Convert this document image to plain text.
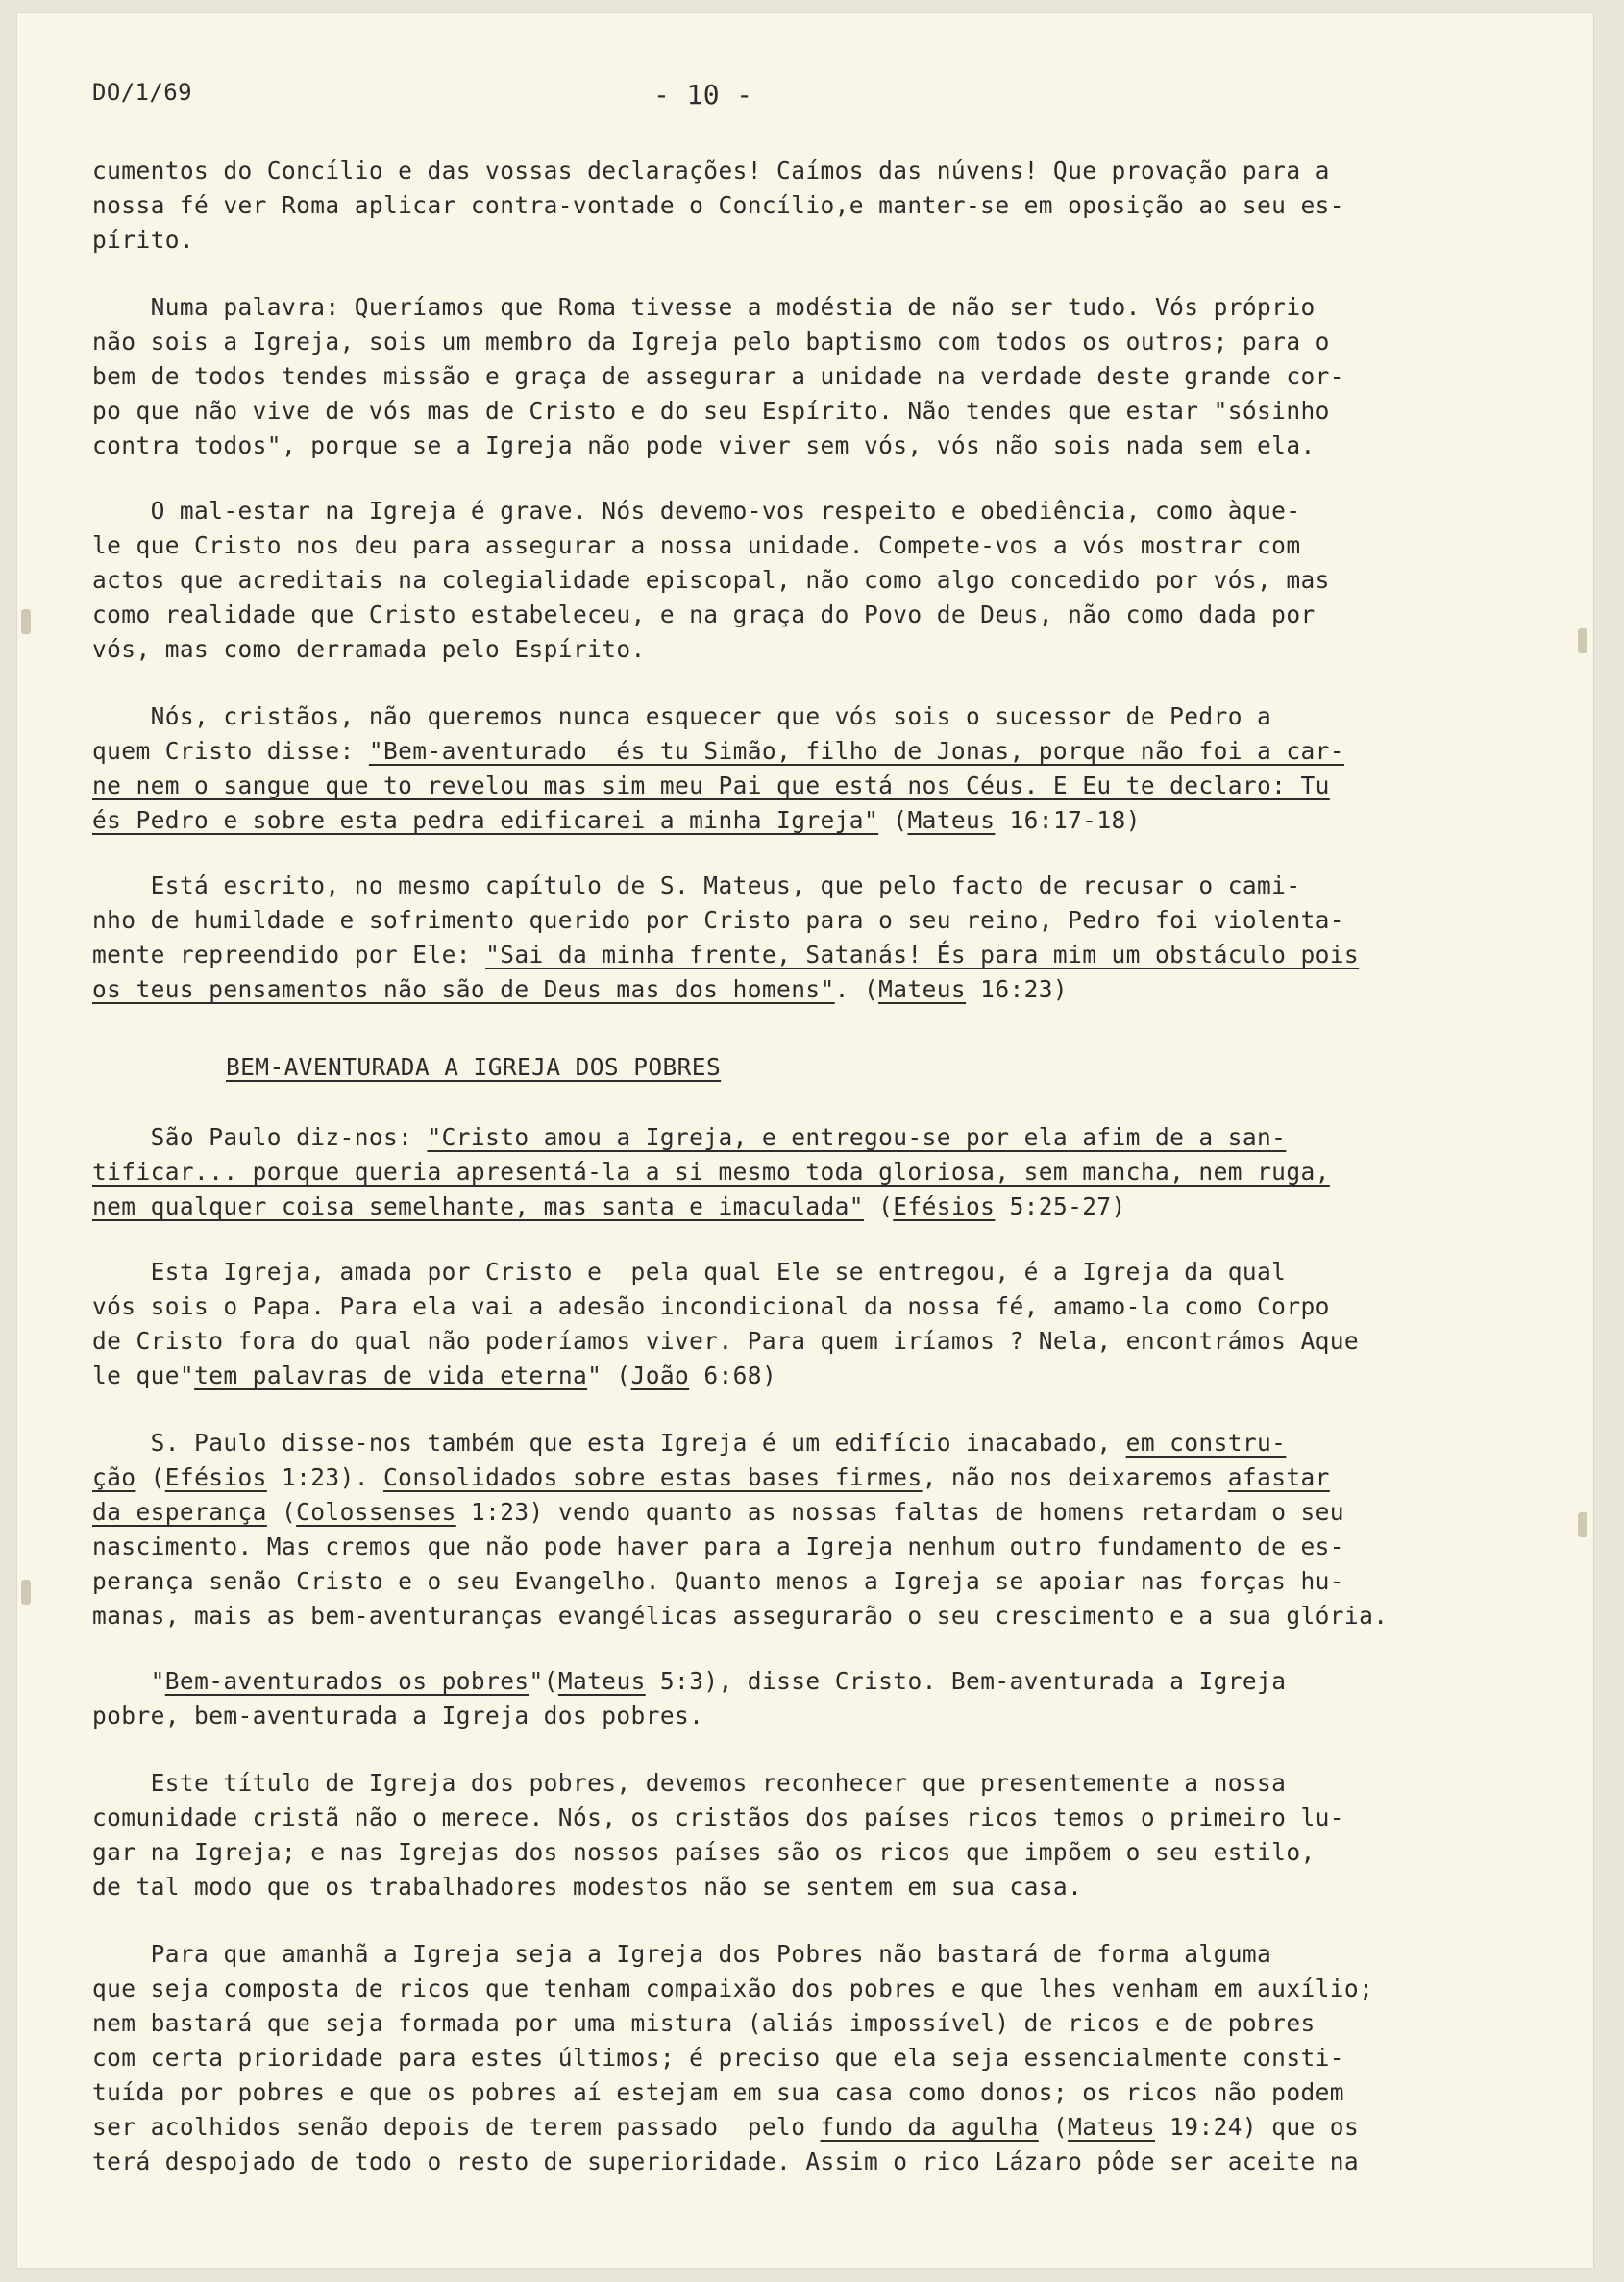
DO/1/69	- 10 -
BEM-AVENTURADA A IGREJA DOS POBRES
cumentos do Concílio e das vossas declarações! Caímos das núvens! Que provação para a
nossa fé ver Roma aplicar contra-vontade o Concílio,e manter-se em oposição ao seu es-
pírito.
Numa palavra: Queríamos que Roma tivesse a modéstia de não ser tudo. Vós próprio
não sois a Igreja, sois um membro da Igreja pelo baptismo com todos os outros; para o
bem de todos tendes missão e graça de assegurar a unidade na verdade deste grande cor-
po que não vive de vós mas de Cristo e do seu Espírito. Não tendes que estar "sósinho
contra todos", porque se a Igreja não pode viver sem vós, vós não sois nada sem ela.
O mal-estar na Igreja é grave. Nós devemo-vos respeito e obediência, como àque-
le que Cristo nos deu para assegurar a nossa unidade. Compete-vos a vós mostrar com
actos que acreditais na colegialidade episcopal, não como algo concedido por vós, mas
como realidade que Cristo estabeleceu, e na graça do Povo de Deus, não como dada por
vós, mas como derramada pelo Espírito.
Nós, cristãos, não queremos nunca esquecer que vós sois o sucessor de Pedro a
quem Cristo disse: "Bem-aventurado  és tu Simão, filho de Jonas, porque não foi a car-
ne nem o sangue que to revelou mas sim meu Pai que está nos Céus. E Eu te declaro: Tu
és Pedro e sobre esta pedra edificarei a minha Igreja" (Mateus 16:17-18)
Está escrito, no mesmo capítulo de S. Mateus, que pelo facto de recusar o cami-
nho de humildade e sofrimento querido por Cristo para o seu reino, Pedro foi violenta-
mente repreendido por Ele: "Sai da minha frente, Satanás! És para mim um obstáculo pois
os teus pensamentos não são de Deus mas dos homens". (Mateus 16:23)
São Paulo diz-nos: "Cristo amou a Igreja, e entregou-se por ela afim de a san-
tificar... porque queria apresentá-la a si mesmo toda gloriosa, sem mancha, nem ruga,
nem qualquer coisa semelhante, mas santa e imaculada" (Efésios 5:25-27)
Esta Igreja, amada por Cristo e  pela qual Ele se entregou, é a Igreja da qual
vós sois o Papa. Para ela vai a adesão incondicional da nossa fé, amamo-la como Corpo
de Cristo fora do qual não poderíamos viver. Para quem iríamos ? Nela, encontrámos Aque
le que"tem palavras de vida eterna" (João 6:68)
S. Paulo disse-nos também que esta Igreja é um edifício inacabado, em constru-
ção (Efésios 1:23). Consolidados sobre estas bases firmes, não nos deixaremos afastar
da esperança (Colossenses 1:23) vendo quanto as nossas faltas de homens retardam o seu
nascimento. Mas cremos que não pode haver para a Igreja nenhum outro fundamento de es-
perança senão Cristo e o seu Evangelho. Quanto menos a Igreja se apoiar nas forças hu-
manas, mais as bem-aventuranças evangélicas assegurarão o seu crescimento e a sua glória.
"Bem-aventurados os pobres"(Mateus 5:3), disse Cristo. Bem-aventurada a Igreja
pobre, bem-aventurada a Igreja dos pobres.
Este título de Igreja dos pobres, devemos reconhecer que presentemente a nossa
comunidade cristã não o merece. Nós, os cristãos dos países ricos temos o primeiro lu-
gar na Igreja; e nas Igrejas dos nossos países são os ricos que impõem o seu estilo,
de tal modo que os trabalhadores modestos não se sentem em sua casa.
Para que amanhã a Igreja seja a Igreja dos Pobres não bastará de forma alguma
que seja composta de ricos que tenham compaixão dos pobres e que lhes venham em auxílio;
nem bastará que seja formada por uma mistura (aliás impossível) de ricos e de pobres
com certa prioridade para estes últimos; é preciso que ela seja essencialmente consti-
tuída por pobres e que os pobres aí estejam em sua casa como donos; os ricos não podem
ser acolhidos senão depois de terem passado  pelo fundo da agulha (Mateus 19:24) que os
terá despojado de todo o resto de superioridade. Assim o rico Lázaro pôde ser aceite na
